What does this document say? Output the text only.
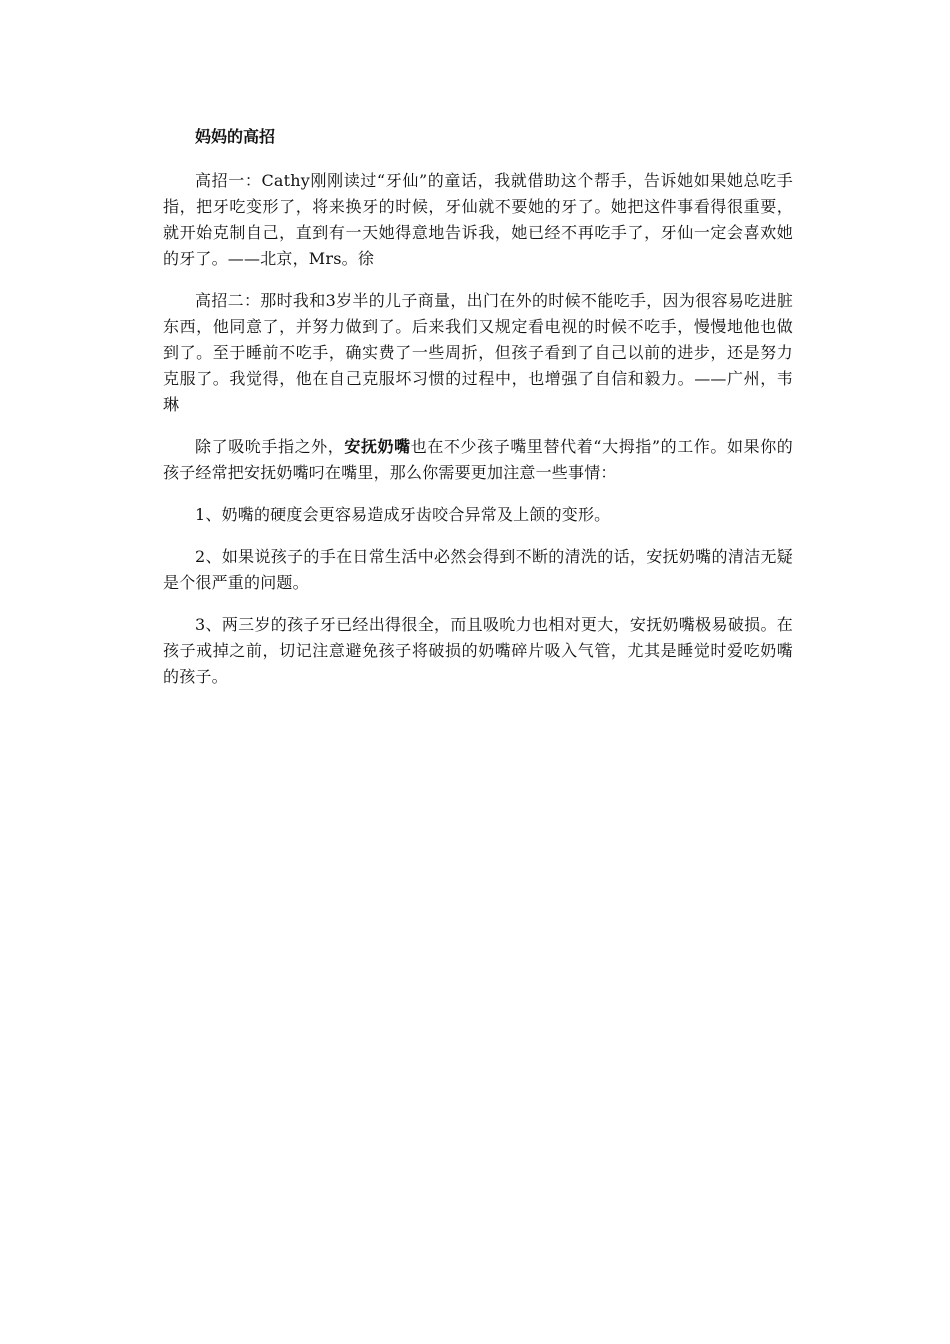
妈妈的高招

高招一：Cathy刚刚读过“牙仙”的童话，我就借助这个帮手，告诉她如果她总吃手指，把牙吃变形了，将来换牙的时候，牙仙就不要她的牙了。她把这件事看得很重要，就开始克制自己，直到有一天她得意地告诉我，她已经不再吃手了，牙仙一定会喜欢她的牙了。——北京，Mrs。徐

高招二：那时我和3岁半的儿子商量，出门在外的时候不能吃手，因为很容易吃进脏东西，他同意了，并努力做到了。后来我们又规定看电视的时候不吃手，慢慢地他也做到了。至于睡前不吃手，确实费了一些周折，但孩子看到了自己以前的进步，还是努力克服了。我觉得，他在自己克服坏习惯的过程中，也增强了自信和毅力。——广州，韦琳

除了吸吮手指之外，安抚奶嘴也在不少孩子嘴里替代着“大拇指”的工作。如果你的孩子经常把安抚奶嘴叼在嘴里，那么你需要更加注意一些事情：

1、奶嘴的硬度会更容易造成牙齿咬合异常及上颌的变形。

2、如果说孩子的手在日常生活中必然会得到不断的清洗的话，安抚奶嘴的清洁无疑是个很严重的问题。

3、两三岁的孩子牙已经出得很全，而且吸吮力也相对更大，安抚奶嘴极易破损。在孩子戒掉之前，切记注意避免孩子将破损的奶嘴碎片吸入气管，尤其是睡觉时爱吃奶嘴的孩子。
